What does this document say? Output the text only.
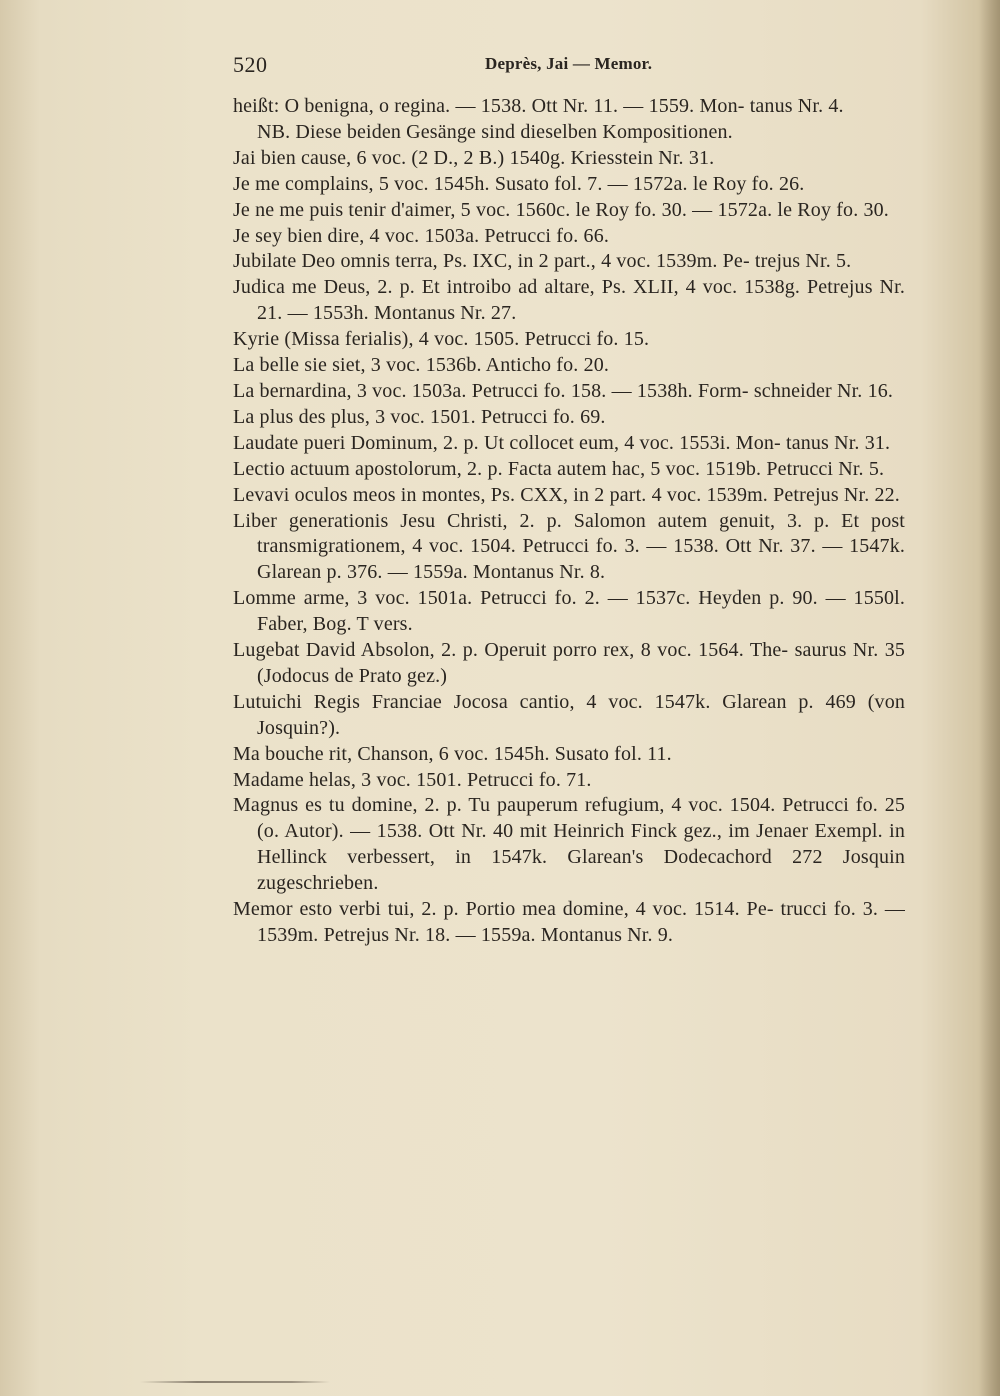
520	Deprès, Jai — Memor.

heißt: O benigna, o regina. — 1538. Ott Nr. 11. — 1559. Mon- tanus Nr. 4.

NB. Diese beiden Gesänge sind dieselben Kompositionen.

Jai bien cause, 6 voc. (2 D., 2 B.) 1540g. Kriesstein Nr. 31.

Je me complains, 5 voc. 1545h. Susato fol. 7. — 1572a. le Roy fo. 26.

Je ne me puis tenir d'aimer, 5 voc. 1560c. le Roy fo. 30. — 1572a. le Roy fo. 30.

Je sey bien dire, 4 voc. 1503a. Petrucci fo. 66.

Jubilate Deo omnis terra, Ps. IXC, in 2 part., 4 voc. 1539m. Pe- trejus Nr. 5.

Judica me Deus, 2. p. Et introibo ad altare, Ps. XLII, 4 voc. 1538g. Petrejus Nr. 21. — 1553h. Montanus Nr. 27.

Kyrie (Missa ferialis), 4 voc. 1505. Petrucci fo. 15.

La belle sie siet, 3 voc. 1536b. Anticho fo. 20.

La bernardina, 3 voc. 1503a. Petrucci fo. 158. — 1538h. Form- schneider Nr. 16.

La plus des plus, 3 voc. 1501. Petrucci fo. 69.

Laudate pueri Dominum, 2. p. Ut collocet eum, 4 voc. 1553i. Mon- tanus Nr. 31.

Lectio actuum apostolorum, 2. p. Facta autem hac, 5 voc. 1519b. Petrucci Nr. 5.

Levavi oculos meos in montes, Ps. CXX, in 2 part. 4 voc. 1539m. Petrejus Nr. 22.

Liber generationis Jesu Christi, 2. p. Salomon autem genuit, 3. p. Et post transmigrationem, 4 voc. 1504. Petrucci fo. 3. — 1538. Ott Nr. 37. — 1547k. Glarean p. 376. — 1559a. Montanus Nr. 8.

Lomme arme, 3 voc. 1501a. Petrucci fo. 2. — 1537c. Heyden p. 90. — 1550l. Faber, Bog. T vers.

Lugebat David Absolon, 2. p. Operuit porro rex, 8 voc. 1564. The- saurus Nr. 35 (Jodocus de Prato gez.)

Lutuichi Regis Franciae Jocosa cantio, 4 voc. 1547k. Glarean p. 469 (von Josquin?).

Ma bouche rit, Chanson, 6 voc. 1545h. Susato fol. 11.

Madame helas, 3 voc. 1501. Petrucci fo. 71.

Magnus es tu domine, 2. p. Tu pauperum refugium, 4 voc. 1504. Petrucci fo. 25 (o. Autor). — 1538. Ott Nr. 40 mit Heinrich Finck gez., im Jenaer Exempl. in Hellinck verbessert, in 1547k. Glarean's Dodecachord 272 Josquin zugeschrieben.

Memor esto verbi tui, 2. p. Portio mea domine, 4 voc. 1514. Pe- trucci fo. 3. — 1539m. Petrejus Nr. 18. — 1559a. Montanus Nr. 9.
